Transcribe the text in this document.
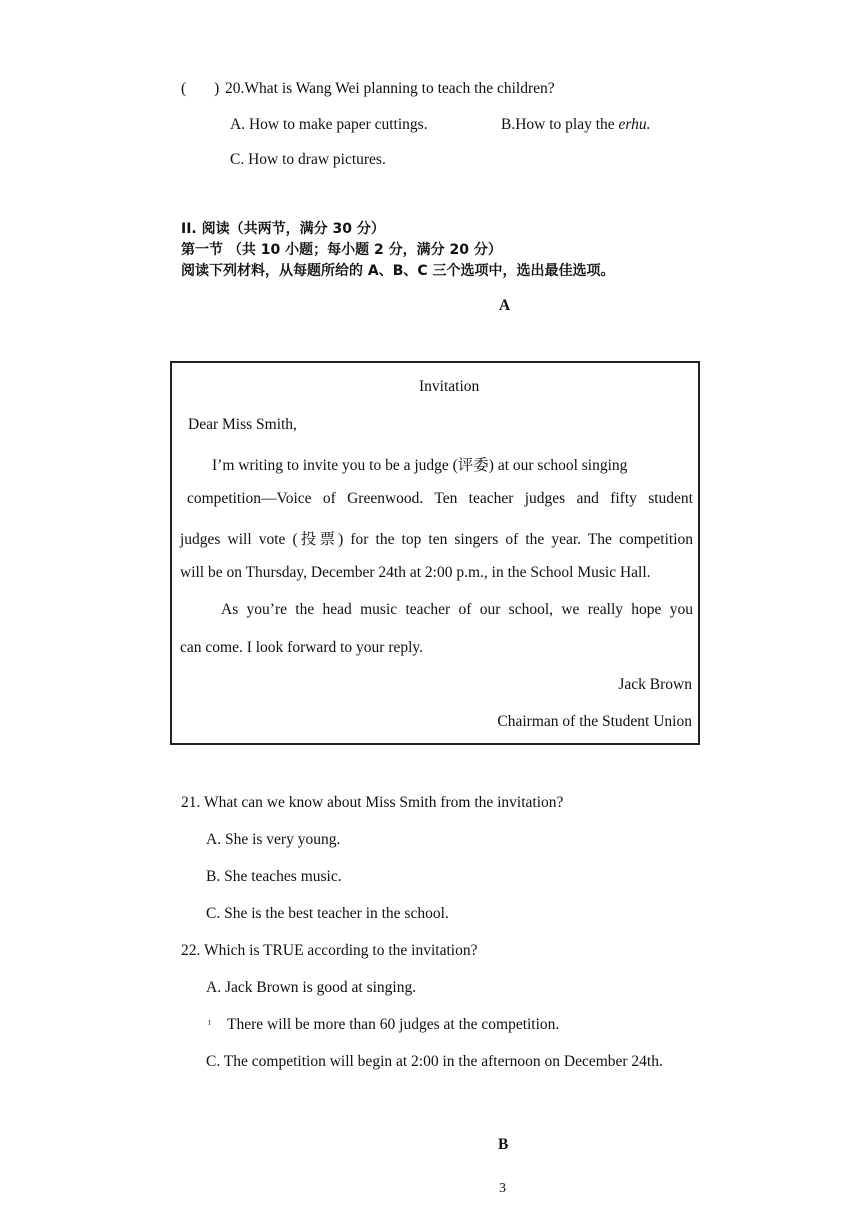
( ) 20.What is Wang Wei planning to teach the children?
A. How to make paper cuttings.	B.How to play the erhu.
C. How to draw pictures.
II. 阅读（共两节，满分 30 分）
第一节 （共 10 小题；每小题 2 分，满分 20 分）
阅读下列材料，从每题所给的 A、B、C 三个选项中，选出最佳选项。
A
Invitation
Dear Miss Smith,
I’m writing to invite you to be a judge (评委) at our school singing
competition—Voice of Greenwood. Ten teacher judges and fifty student
judges will vote (投票) for the top ten singers of the year. The competition
will be on Thursday, December 24th at 2:00 p.m., in the School Music Hall.
As you’re the head music teacher of our school, we really hope you
can come. I look forward to your reply.
Jack Brown
Chairman of the Student Union
21. What can we know about Miss Smith from the invitation?
A. She is very young.
B. She teaches music.
C. She is the best teacher in the school.
22. Which is TRUE according to the invitation?
A. Jack Brown is good at singing.
ɪ There will be more than 60 judges at the competition.
C. The competition will begin at 2:00 in the afternoon on December 24th.
B
3
